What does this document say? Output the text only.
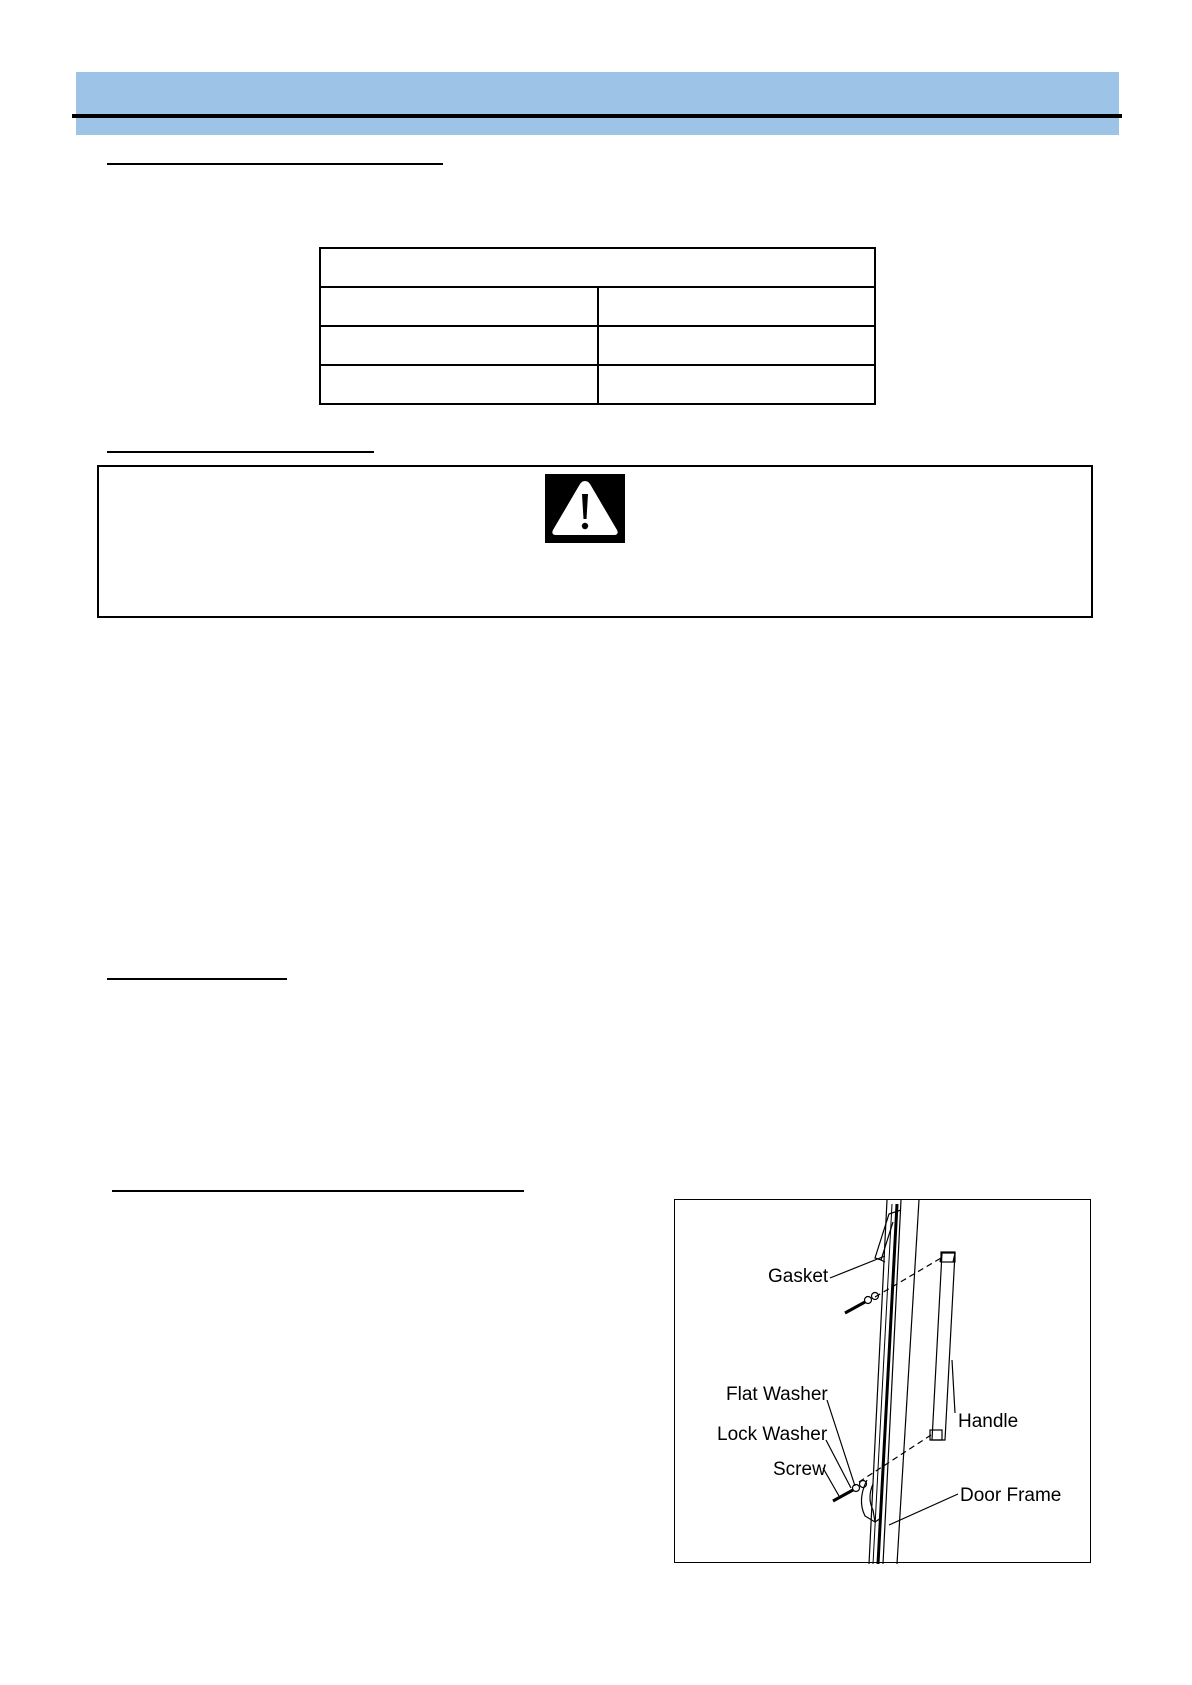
Gasket
Flat Washer
Lock Washer
Screw
Handle
Door Frame
